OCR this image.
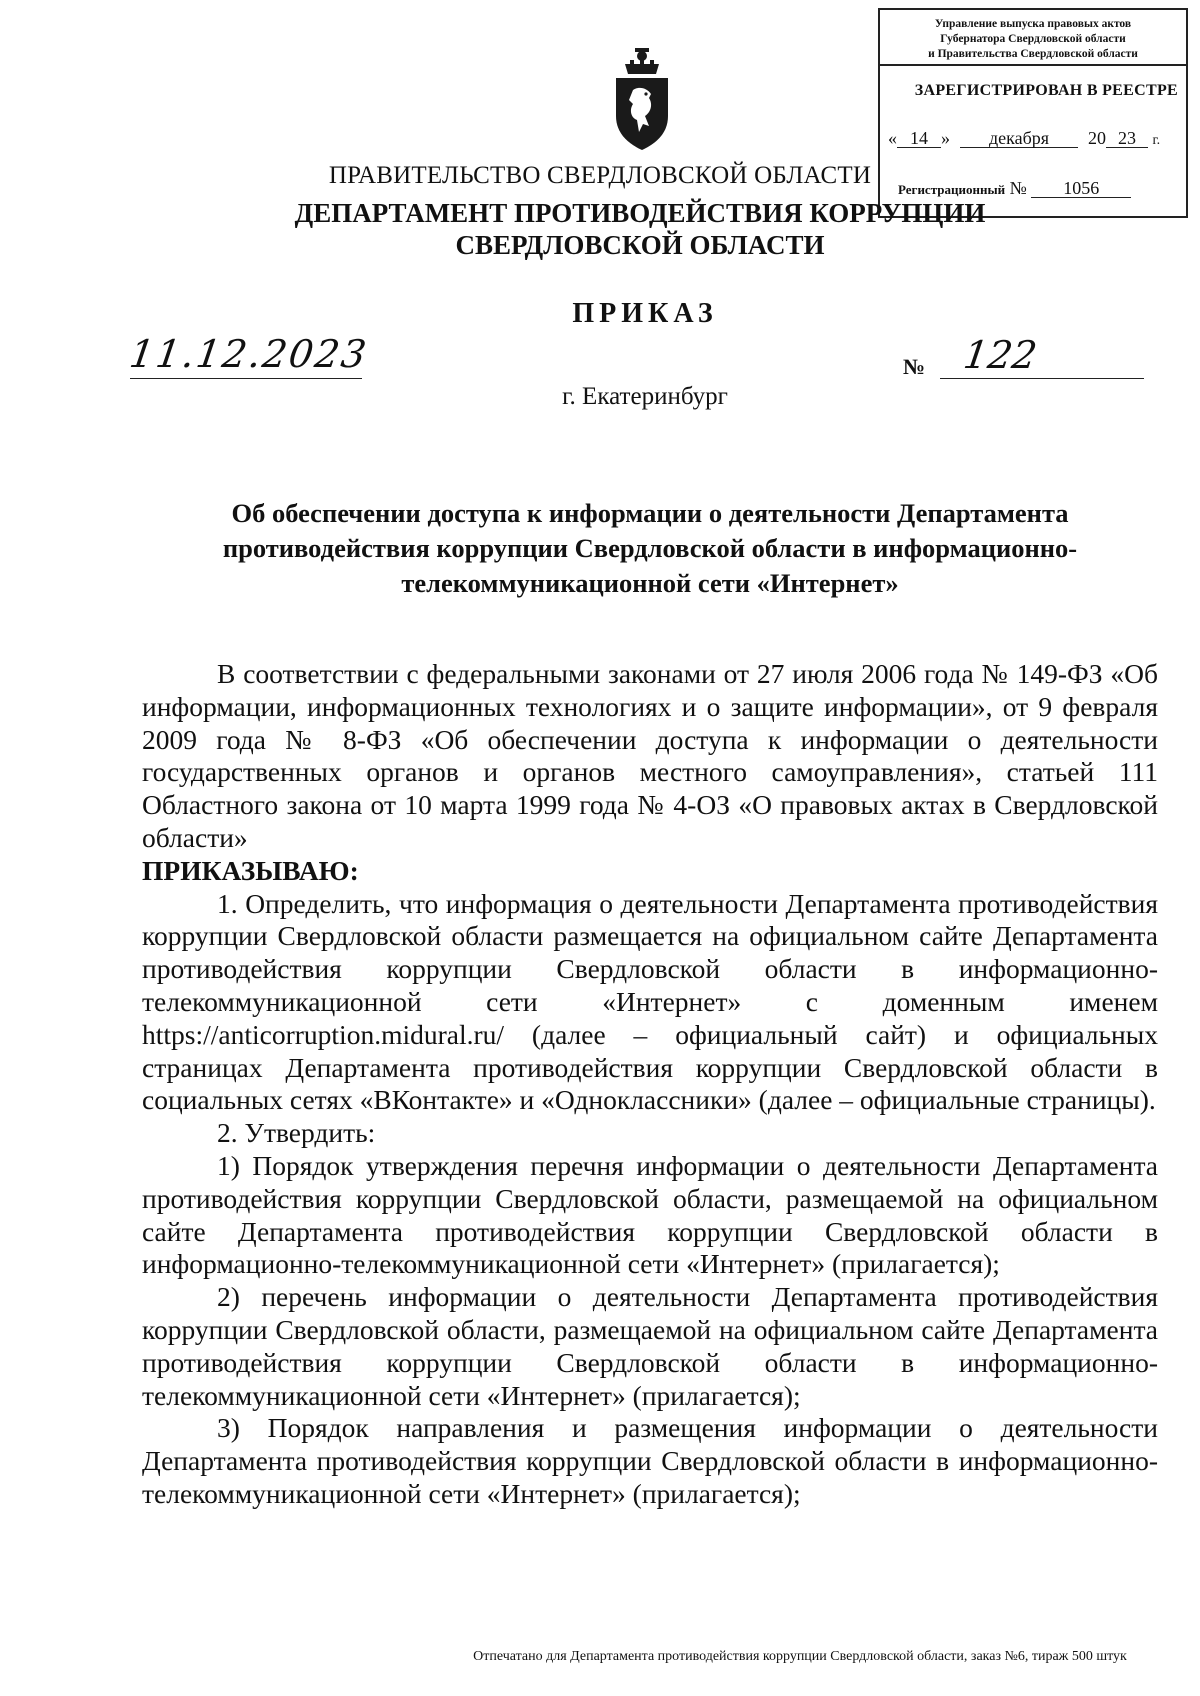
Управление выпуска правовых актов
Губернатора Свердловской области
и Правительства Свердловской области
ЗАРЕГИСТРИРОВАН В РЕЕСТРЕ
« 14 » декабря 20 23 г.
Регистрационный № 1056
ПРАВИТЕЛЬСТВО СВЕРДЛОВСКОЙ ОБЛАСТИ
ДЕПАРТАМЕНТ ПРОТИВОДЕЙСТВИЯ КОРРУПЦИИ
СВЕРДЛОВСКОЙ ОБЛАСТИ
ПРИКАЗ
11.12.2023	№ 122
г. Екатеринбург
Об обеспечении доступа к информации о деятельности Департамента
противодействия коррупции Свердловской области в информационно-
телекоммуникационной сети «Интернет»

В соответствии с федеральными законами от 27 июля 2006 года № 149-ФЗ «Об информации, информационных технологиях и о защите информации», от 9 февраля 2009 года № 8-ФЗ «Об обеспечении доступа к информации о деятельности государственных органов и органов местного самоуправления», статьей 111 Областного закона от 10 марта 1999 года № 4-ОЗ «О правовых актах в Свердловской области»

ПРИКАЗЫВАЮ:

1. Определить, что информация о деятельности Департамента противодействия коррупции Свердловской области размещается на официальном сайте Департамента противодействия коррупции Свердловской области в информационно-телекоммуникационной сети «Интернет» с доменным именем https://anticorruption.midural.ru/ (далее – официальный сайт) и официальных страницах Департамента противодействия коррупции Свердловской области в социальных сетях «ВКонтакте» и «Одноклассники» (далее – официальные страницы).

2. Утвердить:

1) Порядок утверждения перечня информации о деятельности Департамента противодействия коррупции Свердловской области, размещаемой на официальном сайте Департамента противодействия коррупции Свердловской области в информационно-телекоммуникационной сети «Интернет» (прилагается);

2) перечень информации о деятельности Департамента противодействия коррупции Свердловской области, размещаемой на официальном сайте Департамента противодействия коррупции Свердловской области в информационно-телекоммуникационной сети «Интернет» (прилагается);

3) Порядок направления и размещения информации о деятельности Департамента противодействия коррупции Свердловской области в информационно-телекоммуникационной сети «Интернет» (прилагается);

Отпечатано для Департамента противодействия коррупции Свердловской области, заказ №6, тираж 500 штук
